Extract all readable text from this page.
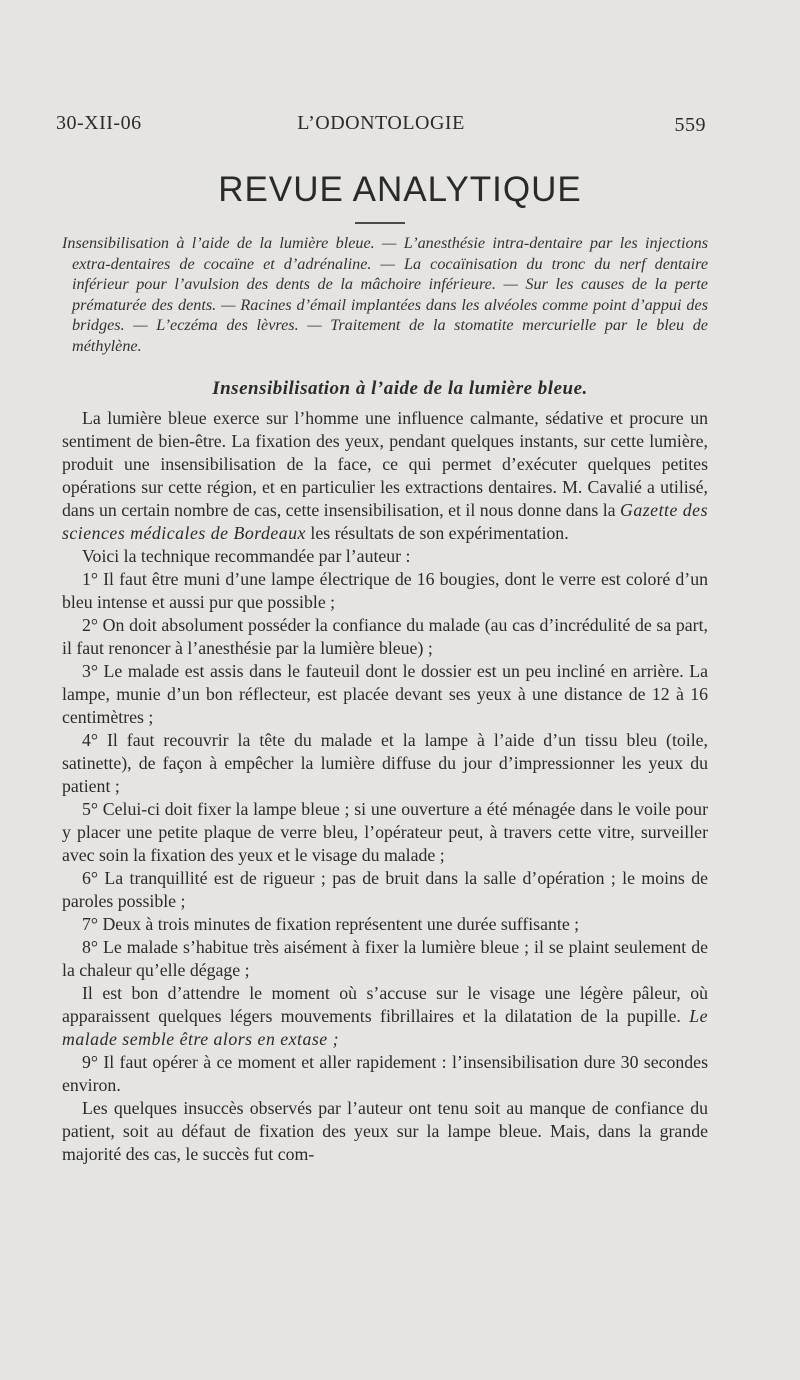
30-XII-06	L’ODONTOLOGIE	559
REVUE ANALYTIQUE
Insensibilisation à l’aide de la lumière bleue. — L’anesthésie intra-dentaire par les injections extra-dentaires de cocaïne et d’adrénaline. — La cocaïnisation du tronc du nerf dentaire inférieur pour l’avulsion des dents de la mâchoire inférieure. — Sur les causes de la perte prématurée des dents. — Racines d’émail implantées dans les alvéoles comme point d’appui des bridges. — L’eczéma des lèvres. — Traitement de la stomatite mercurielle par le bleu de méthylène.
Insensibilisation à l’aide de la lumière bleue.

La lumière bleue exerce sur l’homme une influence calmante, sédative et procure un sentiment de bien-être. La fixation des yeux, pendant quelques instants, sur cette lumière, produit une insensibilisation de la face, ce qui permet d’exécuter quelques petites opérations sur cette région, et en particulier les extractions dentaires. M. Cavalié a utilisé, dans un certain nombre de cas, cette insensibilisation, et il nous donne dans la Gazette des sciences médicales de Bordeaux les résultats de son expérimentation.

Voici la technique recommandée par l’auteur :

1° Il faut être muni d’une lampe électrique de 16 bougies, dont le verre est coloré d’un bleu intense et aussi pur que possible ;

2° On doit absolument posséder la confiance du malade (au cas d’incrédulité de sa part, il faut renoncer à l’anesthésie par la lumière bleue) ;

3° Le malade est assis dans le fauteuil dont le dossier est un peu incliné en arrière. La lampe, munie d’un bon réflecteur, est placée devant ses yeux à une distance de 12 à 16 centimètres ;

4° Il faut recouvrir la tête du malade et la lampe à l’aide d’un tissu bleu (toile, satinette), de façon à empêcher la lumière diffuse du jour d’impressionner les yeux du patient ;

5° Celui-ci doit fixer la lampe bleue ; si une ouverture a été ménagée dans le voile pour y placer une petite plaque de verre bleu, l’opérateur peut, à travers cette vitre, surveiller avec soin la fixation des yeux et le visage du malade ;

6° La tranquillité est de rigueur ; pas de bruit dans la salle d’opération ; le moins de paroles possible ;

7° Deux à trois minutes de fixation représentent une durée suffisante ;

8° Le malade s’habitue très aisément à fixer la lumière bleue ; il se plaint seulement de la chaleur qu’elle dégage ;

Il est bon d’attendre le moment où s’accuse sur le visage une légère pâleur, où apparaissent quelques légers mouvements fibrillaires et la dilatation de la pupille. Le malade semble être alors en extase ;

9° Il faut opérer à ce moment et aller rapidement : l’insensibilisation dure 30 secondes environ.

Les quelques insuccès observés par l’auteur ont tenu soit au manque de confiance du patient, soit au défaut de fixation des yeux sur la lampe bleue. Mais, dans la grande majorité des cas, le succès fut com-
